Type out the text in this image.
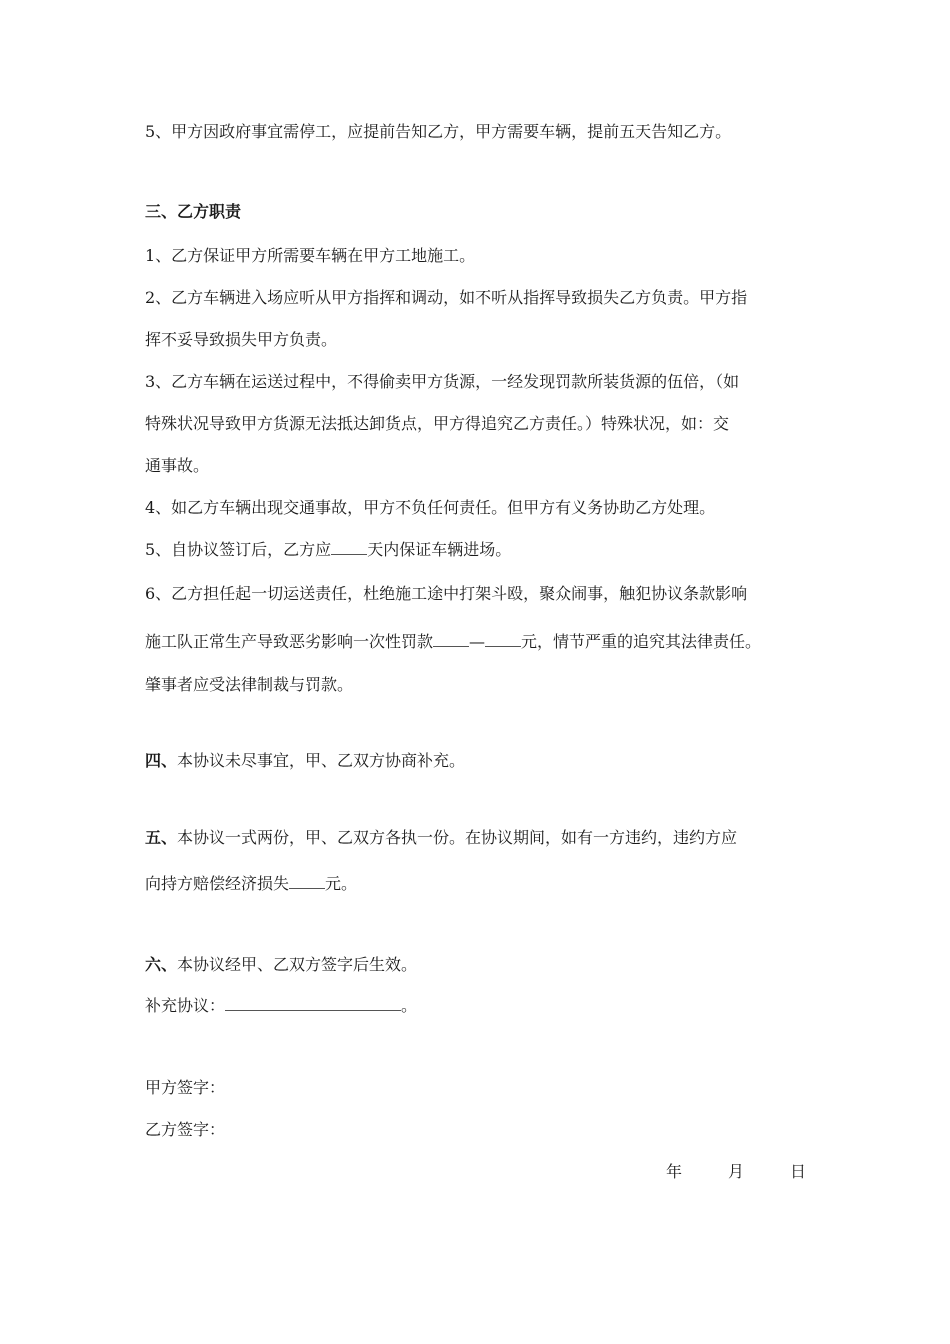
5、甲方因政府事宜需停工，应提前告知乙方，甲方需要车辆，提前五天告知乙方。
三、乙方职责
1、乙方保证甲方所需要车辆在甲方工地施工。
2、乙方车辆进入场应听从甲方指挥和调动，如不听从指挥导致损失乙方负责。甲方指
挥不妥导致损失甲方负责。
3、乙方车辆在运送过程中，不得偷卖甲方货源，一经发现罚款所装货源的伍倍，（如
特殊状况导致甲方货源无法抵达卸货点，甲方得追究乙方责任。）特殊状况，如：交
通事故。
4、如乙方车辆出现交通事故，甲方不负任何责任。但甲方有义务协助乙方处理。
5、自协议签订后，乙方应 天内保证车辆进场。
6、乙方担任起一切运送责任，杜绝施工途中打架斗殴，聚众闹事，触犯协议条款影响
施工队正常生产导致恶劣影响一次性罚款 — 元，情节严重的追究其法律责任。
肇事者应受法律制裁与罚款。
四、本协议未尽事宜，甲、乙双方协商补充。
五、本协议一式两份，甲、乙双方各执一份。在协议期间，如有一方违约，违约方应
向持方赔偿经济损失 元。
六、本协议经甲、乙双方签字后生效。
补充协议：	。
甲方签字：
乙方签字：
年	月	日
